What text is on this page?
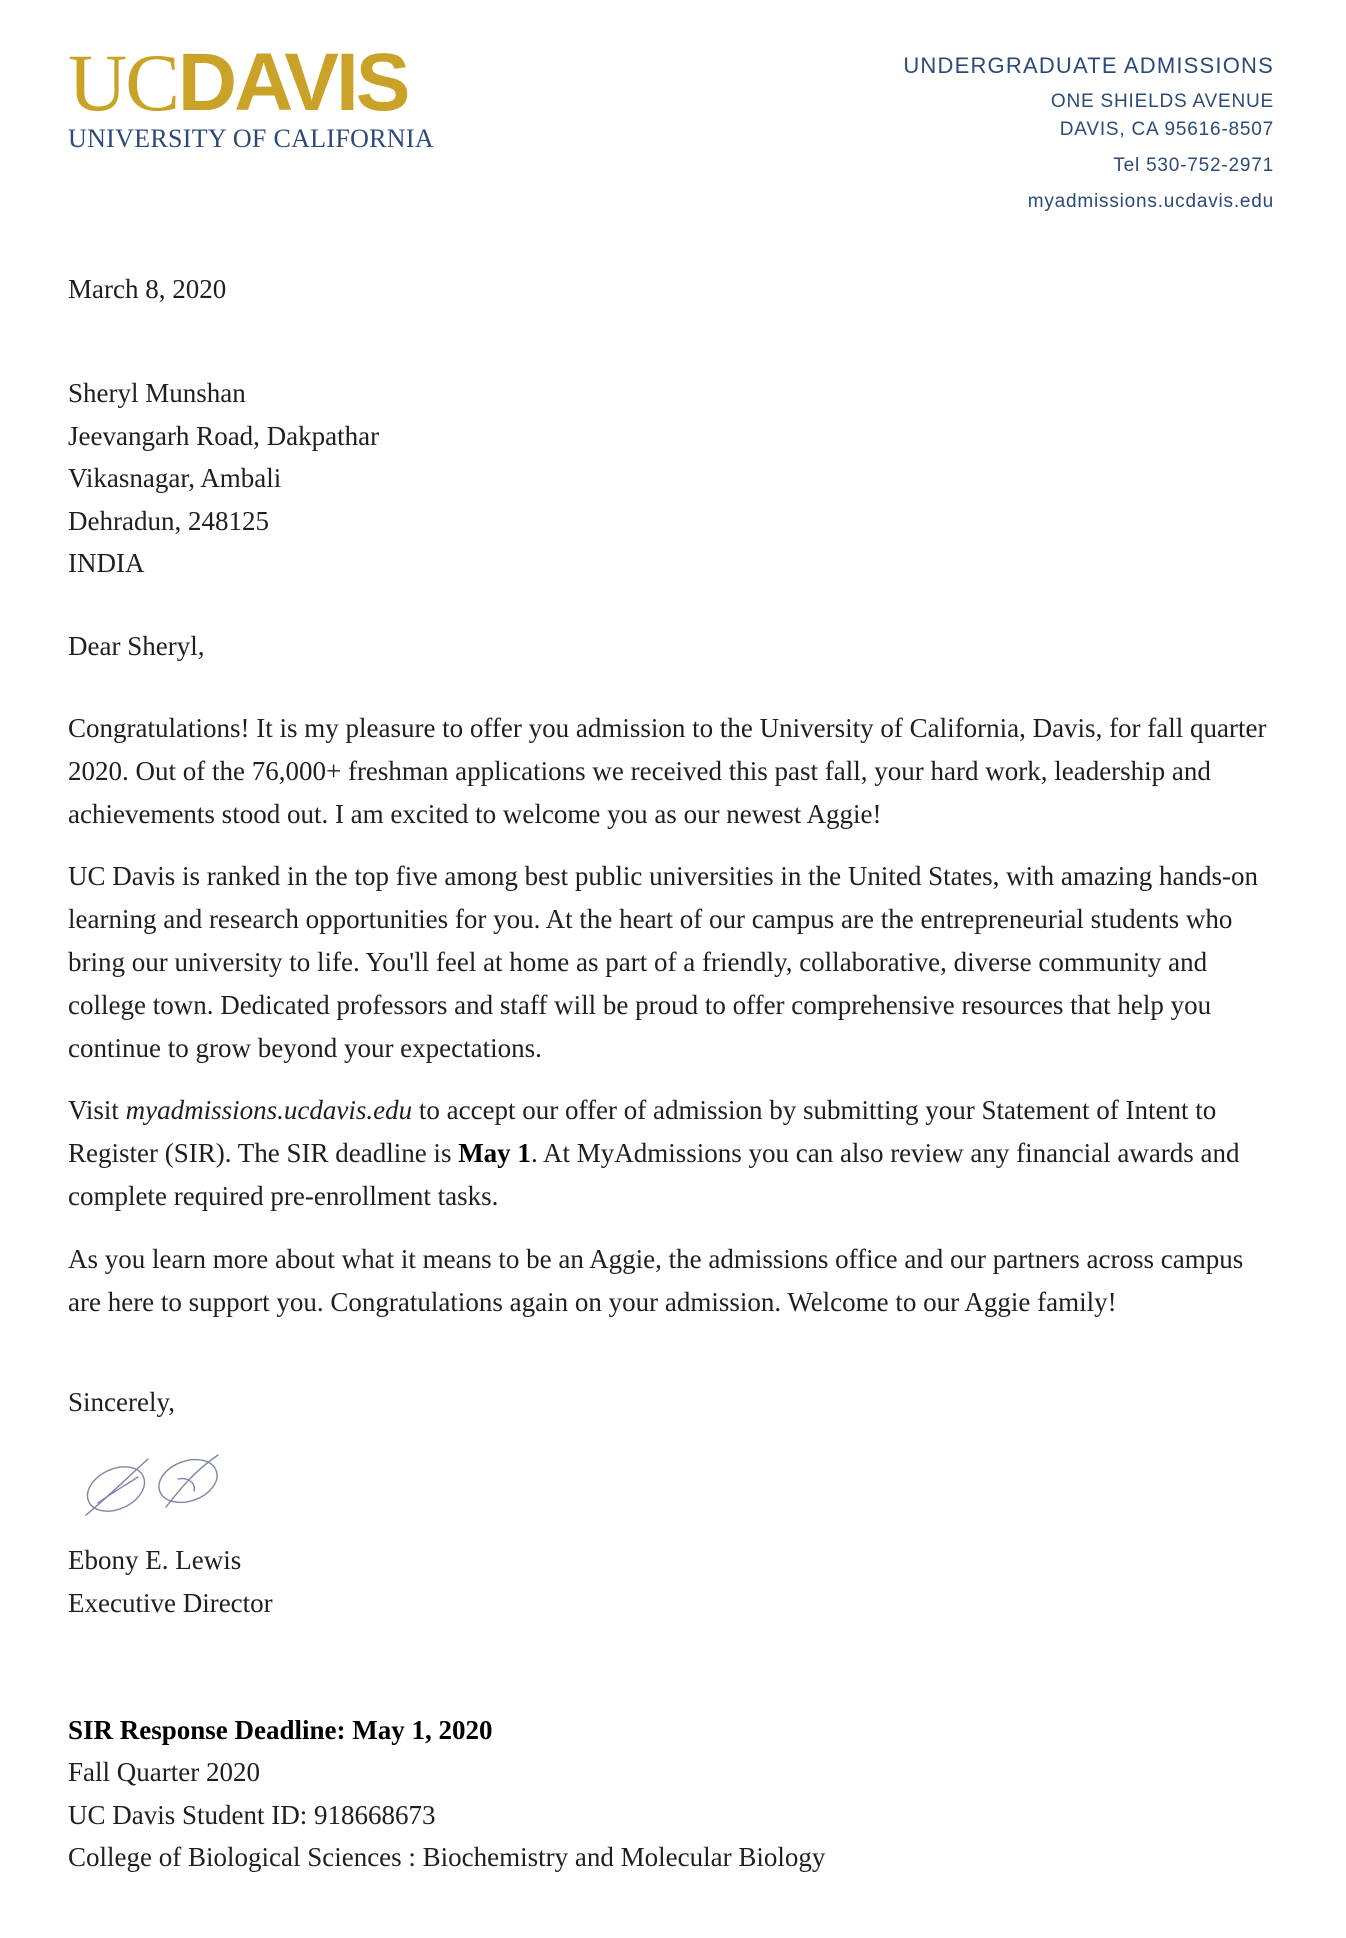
UCDAVIS
UNIVERSITY OF CALIFORNIA
UNDERGRADUATE ADMISSIONS
ONE SHIELDS AVENUE
DAVIS, CA 95616-8507
Tel 530-752-2971
myadmissions.ucdavis.edu
March 8, 2020
Sheryl Munshan
Jeevangarh Road, Dakpathar
Vikasnagar, Ambali
Dehradun, 248125
INDIA
Dear Sheryl,

Congratulations! It is my pleasure to offer you admission to the University of California, Davis, for fall quarter 2020. Out of the 76,000+ freshman applications we received this past fall, your hard work, leadership and achievements stood out. I am excited to welcome you as our newest Aggie!

UC Davis is ranked in the top five among best public universities in the United States, with amazing hands-on learning and research opportunities for you. At the heart of our campus are the entrepreneurial students who bring our university to life. You'll feel at home as part of a friendly, collaborative, diverse community and college town. Dedicated professors and staff will be proud to offer comprehensive resources that help you continue to grow beyond your expectations.

Visit myadmissions.ucdavis.edu to accept our offer of admission by submitting your Statement of Intent to Register (SIR). The SIR deadline is May 1. At MyAdmissions you can also review any financial awards and complete required pre-enrollment tasks.

As you learn more about what it means to be an Aggie, the admissions office and our partners across campus are here to support you. Congratulations again on your admission. Welcome to our Aggie family!

Sincerely,
Ebony E. Lewis
Executive Director
SIR Response Deadline: May 1, 2020
Fall Quarter 2020
UC Davis Student ID: 918668673
College of Biological Sciences : Biochemistry and Molecular Biology
